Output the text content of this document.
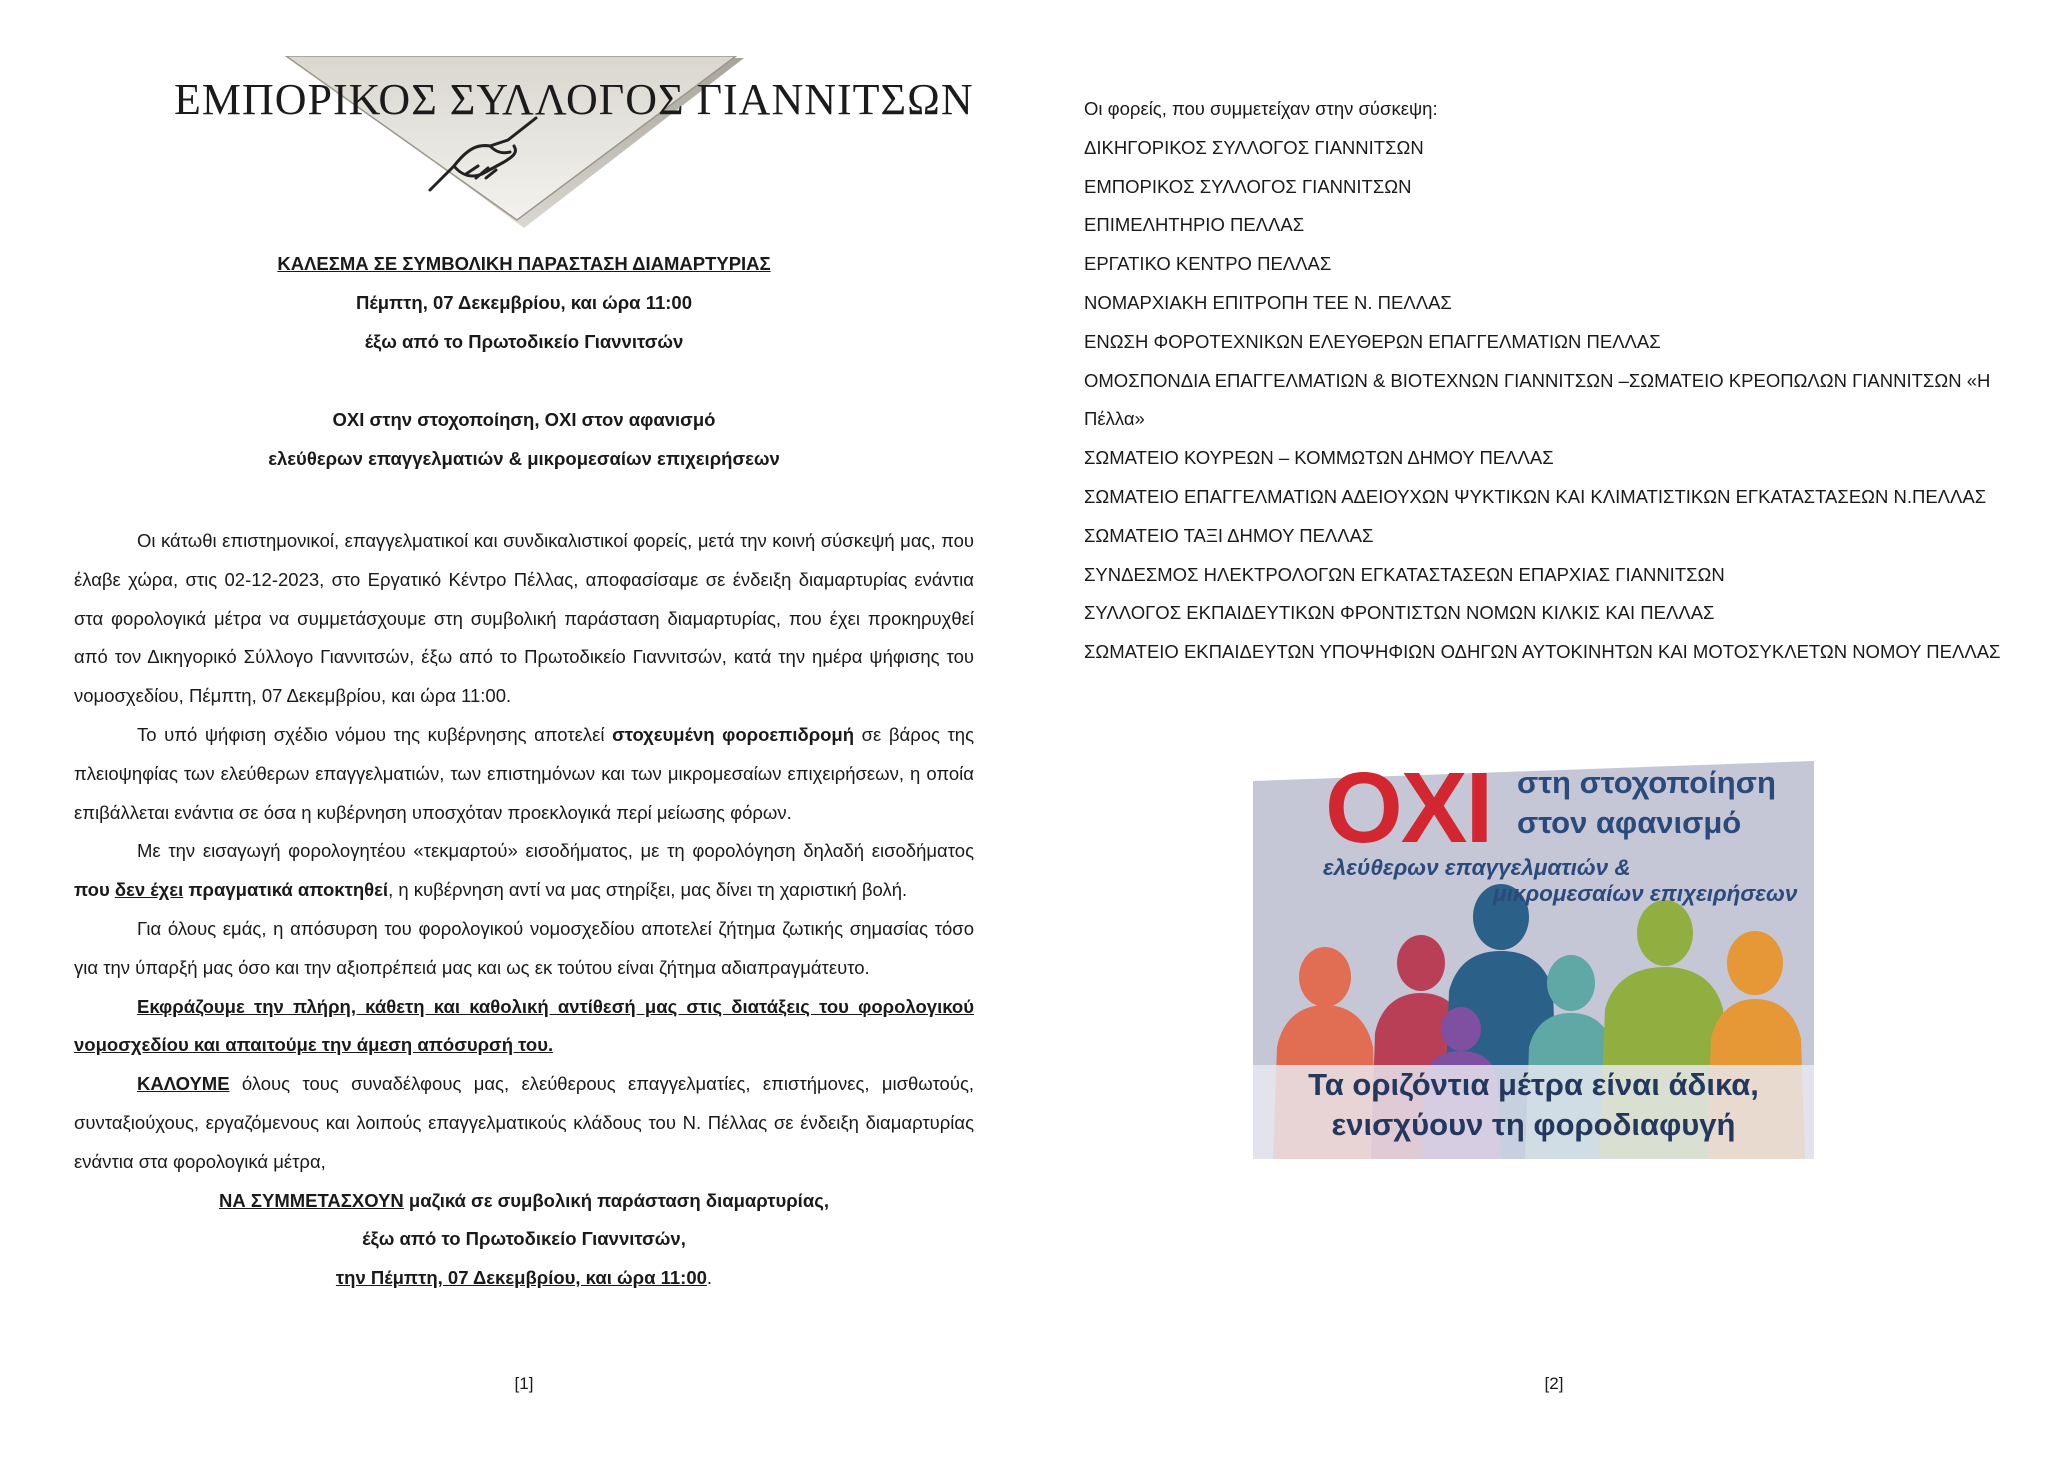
ΕΜΠΟΡΙΚΟΣ ΣΥΛΛΟΓΟΣ ΓΙΑΝΝΙΤΣΩΝ
ΚΑΛΕΣΜΑ ΣΕ ΣΥΜΒΟΛΙΚΗ ΠΑΡΑΣΤΑΣΗ ΔΙΑΜΑΡΤΥΡΙΑΣ
Πέμπτη, 07 Δεκεμβρίου, και ώρα 11:00
έξω από το Πρωτοδικείο Γιαννιτσών
ΟΧΙ στην στοχοποίηση, ΟΧΙ στον αφανισμό
ελεύθερων επαγγελματιών & μικρομεσαίων επιχειρήσεων

Οι κάτωθι επιστημονικοί, επαγγελματικοί και συνδικαλιστικοί φορείς, μετά την κοινή σύσκεψή μας, που έλαβε χώρα, στις 02-12-2023, στο Εργατικό Κέντρο Πέλλας, αποφασίσαμε σε ένδειξη διαμαρτυρίας ενάντια στα φορολογικά μέτρα να συμμετάσχουμε στη συμβολική παράσταση διαμαρτυρίας, που έχει προκηρυχθεί από τον Δικηγορικό Σύλλογο Γιαννιτσών, έξω από το Πρωτοδικείο Γιαννιτσών, κατά την ημέρα ψήφισης του νομοσχεδίου, Πέμπτη, 07 Δεκεμβρίου, και ώρα 11:00.

Το υπό ψήφιση σχέδιο νόμου της κυβέρνησης αποτελεί στοχευμένη φοροεπιδρομή σε βάρος της πλειοψηφίας των ελεύθερων επαγγελματιών, των επιστημόνων και των μικρομεσαίων επιχειρήσεων, η οποία επιβάλλεται ενάντια σε όσα η κυβέρνηση υποσχόταν προεκλογικά περί μείωσης φόρων.

Με την εισαγωγή φορολογητέου «τεκμαρτού» εισοδήματος, με τη φορολόγηση δηλαδή εισοδήματος που δεν έχει πραγματικά αποκτηθεί, η κυβέρνηση αντί να μας στηρίξει, μας δίνει τη χαριστική βολή.

Για όλους εμάς, η απόσυρση του φορολογικού νομοσχεδίου αποτελεί ζήτημα ζωτικής σημασίας τόσο για την ύπαρξή μας όσο και την αξιοπρέπειά μας και ως εκ τούτου είναι ζήτημα αδιαπραγμάτευτο.

Εκφράζουμε την πλήρη, κάθετη και καθολική αντίθεσή μας στις διατάξεις του φορολογικού νομοσχεδίου και απαιτούμε την άμεση απόσυρσή του.

ΚΑΛΟΥΜΕ όλους τους συναδέλφους μας, ελεύθερους επαγγελματίες, επιστήμονες, μισθωτούς, συνταξιούχους, εργαζόμενους και λοιπούς επαγγελματικούς κλάδους του Ν. Πέλλας σε ένδειξη διαμαρτυρίας ενάντια στα φορολογικά μέτρα,

ΝΑ ΣΥΜΜΕΤΑΣΧΟΥΝ μαζικά σε συμβολική παράσταση διαμαρτυρίας,

έξω από το Πρωτοδικείο Γιαννιτσών,

την Πέμπτη, 07 Δεκεμβρίου, και ώρα 11:00.

[1]
Οι φορείς, που συμμετείχαν στην σύσκεψη:
ΔΙΚΗΓΟΡΙΚΟΣ ΣΥΛΛΟΓΟΣ ΓΙΑΝΝΙΤΣΩΝ
ΕΜΠΟΡΙΚΟΣ ΣΥΛΛΟΓΟΣ ΓΙΑΝΝΙΤΣΩΝ
ΕΠΙΜΕΛΗΤΗΡΙΟ ΠΕΛΛΑΣ
ΕΡΓΑΤΙΚΟ ΚΕΝΤΡΟ ΠΕΛΛΑΣ
ΝΟΜΑΡΧΙΑΚΗ ΕΠΙΤΡΟΠΗ ΤΕΕ Ν. ΠΕΛΛΑΣ
ΕΝΩΣΗ ΦΟΡΟΤΕΧΝΙΚΩΝ ΕΛΕΥΘΕΡΩΝ ΕΠΑΓΓΕΛΜΑΤΙΩΝ ΠΕΛΛΑΣ
ΟΜΟΣΠΟΝΔΙΑ ΕΠΑΓΓΕΛΜΑΤΙΩΝ & ΒΙΟΤΕΧΝΩΝ ΓΙΑΝΝΙΤΣΩΝ –ΣΩΜΑΤΕΙΟ ΚΡΕΟΠΩΛΩΝ ΓΙΑΝΝΙΤΣΩΝ «Η Πέλλα»
ΣΩΜΑΤΕΙΟ ΚΟΥΡΕΩΝ – ΚΟΜΜΩΤΩΝ ΔΗΜΟΥ ΠΕΛΛΑΣ
ΣΩΜΑΤΕΙΟ ΕΠΑΓΓΕΛΜΑΤΙΩΝ ΑΔΕΙΟΥΧΩΝ ΨΥΚΤΙΚΩΝ ΚΑΙ ΚΛΙΜΑΤΙΣΤΙΚΩΝ ΕΓΚΑΤΑΣΤΑΣΕΩΝ Ν.ΠΕΛΛΑΣ
ΣΩΜΑΤΕΙΟ ΤΑΞΙ ΔΗΜΟΥ ΠΕΛΛΑΣ
ΣΥΝΔΕΣΜΟΣ ΗΛΕΚΤΡΟΛΟΓΩΝ ΕΓΚΑΤΑΣΤΑΣΕΩΝ ΕΠΑΡΧΙΑΣ ΓΙΑΝΝΙΤΣΩΝ
ΣΥΛΛΟΓΟΣ ΕΚΠΑΙΔΕΥΤΙΚΩΝ ΦΡΟΝΤΙΣΤΩΝ ΝΟΜΩΝ ΚΙΛΚΙΣ ΚΑΙ ΠΕΛΛΑΣ
ΣΩΜΑΤΕΙΟ ΕΚΠΑΙΔΕΥΤΩΝ ΥΠΟΨΗΦΙΩΝ ΟΔΗΓΩΝ ΑΥΤΟΚΙΝΗΤΩΝ ΚΑΙ ΜΟΤΟΣΥΚΛΕΤΩΝ ΝΟΜΟΥ ΠΕΛΛΑΣ
ΟΧΙ στη στοχοποίηση
στον αφανισμό
ελεύθερων επαγγελματιών &
μικρομεσαίων επιχειρήσεων
Τα οριζόντια μέτρα είναι άδικα,
ενισχύουν τη φοροδιαφυγή
[2]
